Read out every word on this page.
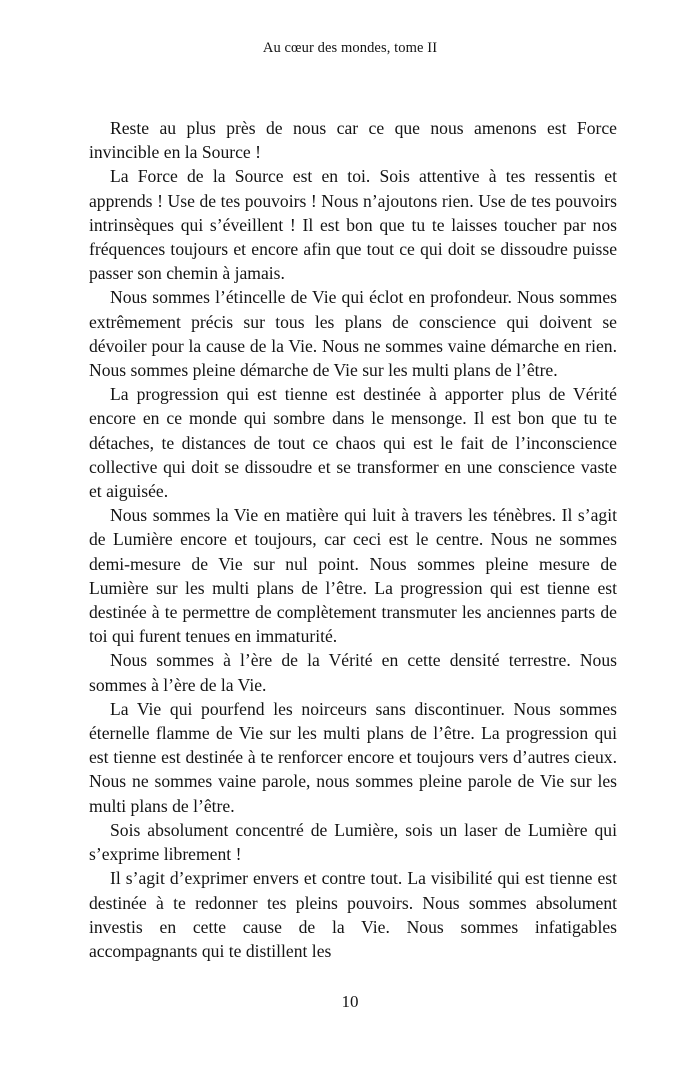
Au cœur des mondes, tome II

Reste au plus près de nous car ce que nous amenons est Force invincible en la Source !

La Force de la Source est en toi. Sois attentive à tes ressentis et apprends ! Use de tes pouvoirs ! Nous n’ajoutons rien. Use de tes pouvoirs intrinsèques qui s’éveillent ! Il est bon que tu te laisses toucher par nos fréquences toujours et encore afin que tout ce qui doit se dissoudre puisse passer son chemin à jamais.

Nous sommes l’étincelle de Vie qui éclot en profondeur. Nous sommes extrêmement précis sur tous les plans de conscience qui doivent se dévoiler pour la cause de la Vie. Nous ne sommes vaine démarche en rien. Nous sommes pleine démarche de Vie sur les multi plans de l’être.

La progression qui est tienne est destinée à apporter plus de Vérité encore en ce monde qui sombre dans le mensonge. Il est bon que tu te détaches, te distances de tout ce chaos qui est le fait de l’inconscience collective qui doit se dissoudre et se transformer en une conscience vaste et aiguisée.

Nous sommes la Vie en matière qui luit à travers les ténèbres. Il s’agit de Lumière encore et toujours, car ceci est le centre. Nous ne sommes demi-mesure de Vie sur nul point. Nous sommes pleine mesure de Lumière sur les multi plans de l’être. La progression qui est tienne est destinée à te permettre de complètement transmuter les anciennes parts de toi qui furent tenues en immaturité.

Nous sommes à l’ère de la Vérité en cette densité terrestre. Nous sommes à l’ère de la Vie.

La Vie qui pourfend les noirceurs sans discontinuer. Nous sommes éternelle flamme de Vie sur les multi plans de l’être. La progression qui est tienne est destinée à te renforcer encore et toujours vers d’autres cieux. Nous ne sommes vaine parole, nous sommes pleine parole de Vie sur les multi plans de l’être.

Sois absolument concentré de Lumière, sois un laser de Lumière qui s’exprime librement !

Il s’agit d’exprimer envers et contre tout. La visibilité qui est tienne est destinée à te redonner tes pleins pouvoirs. Nous sommes absolument investis en cette cause de la Vie. Nous sommes infatigables accompagnants qui te distillent les

10
